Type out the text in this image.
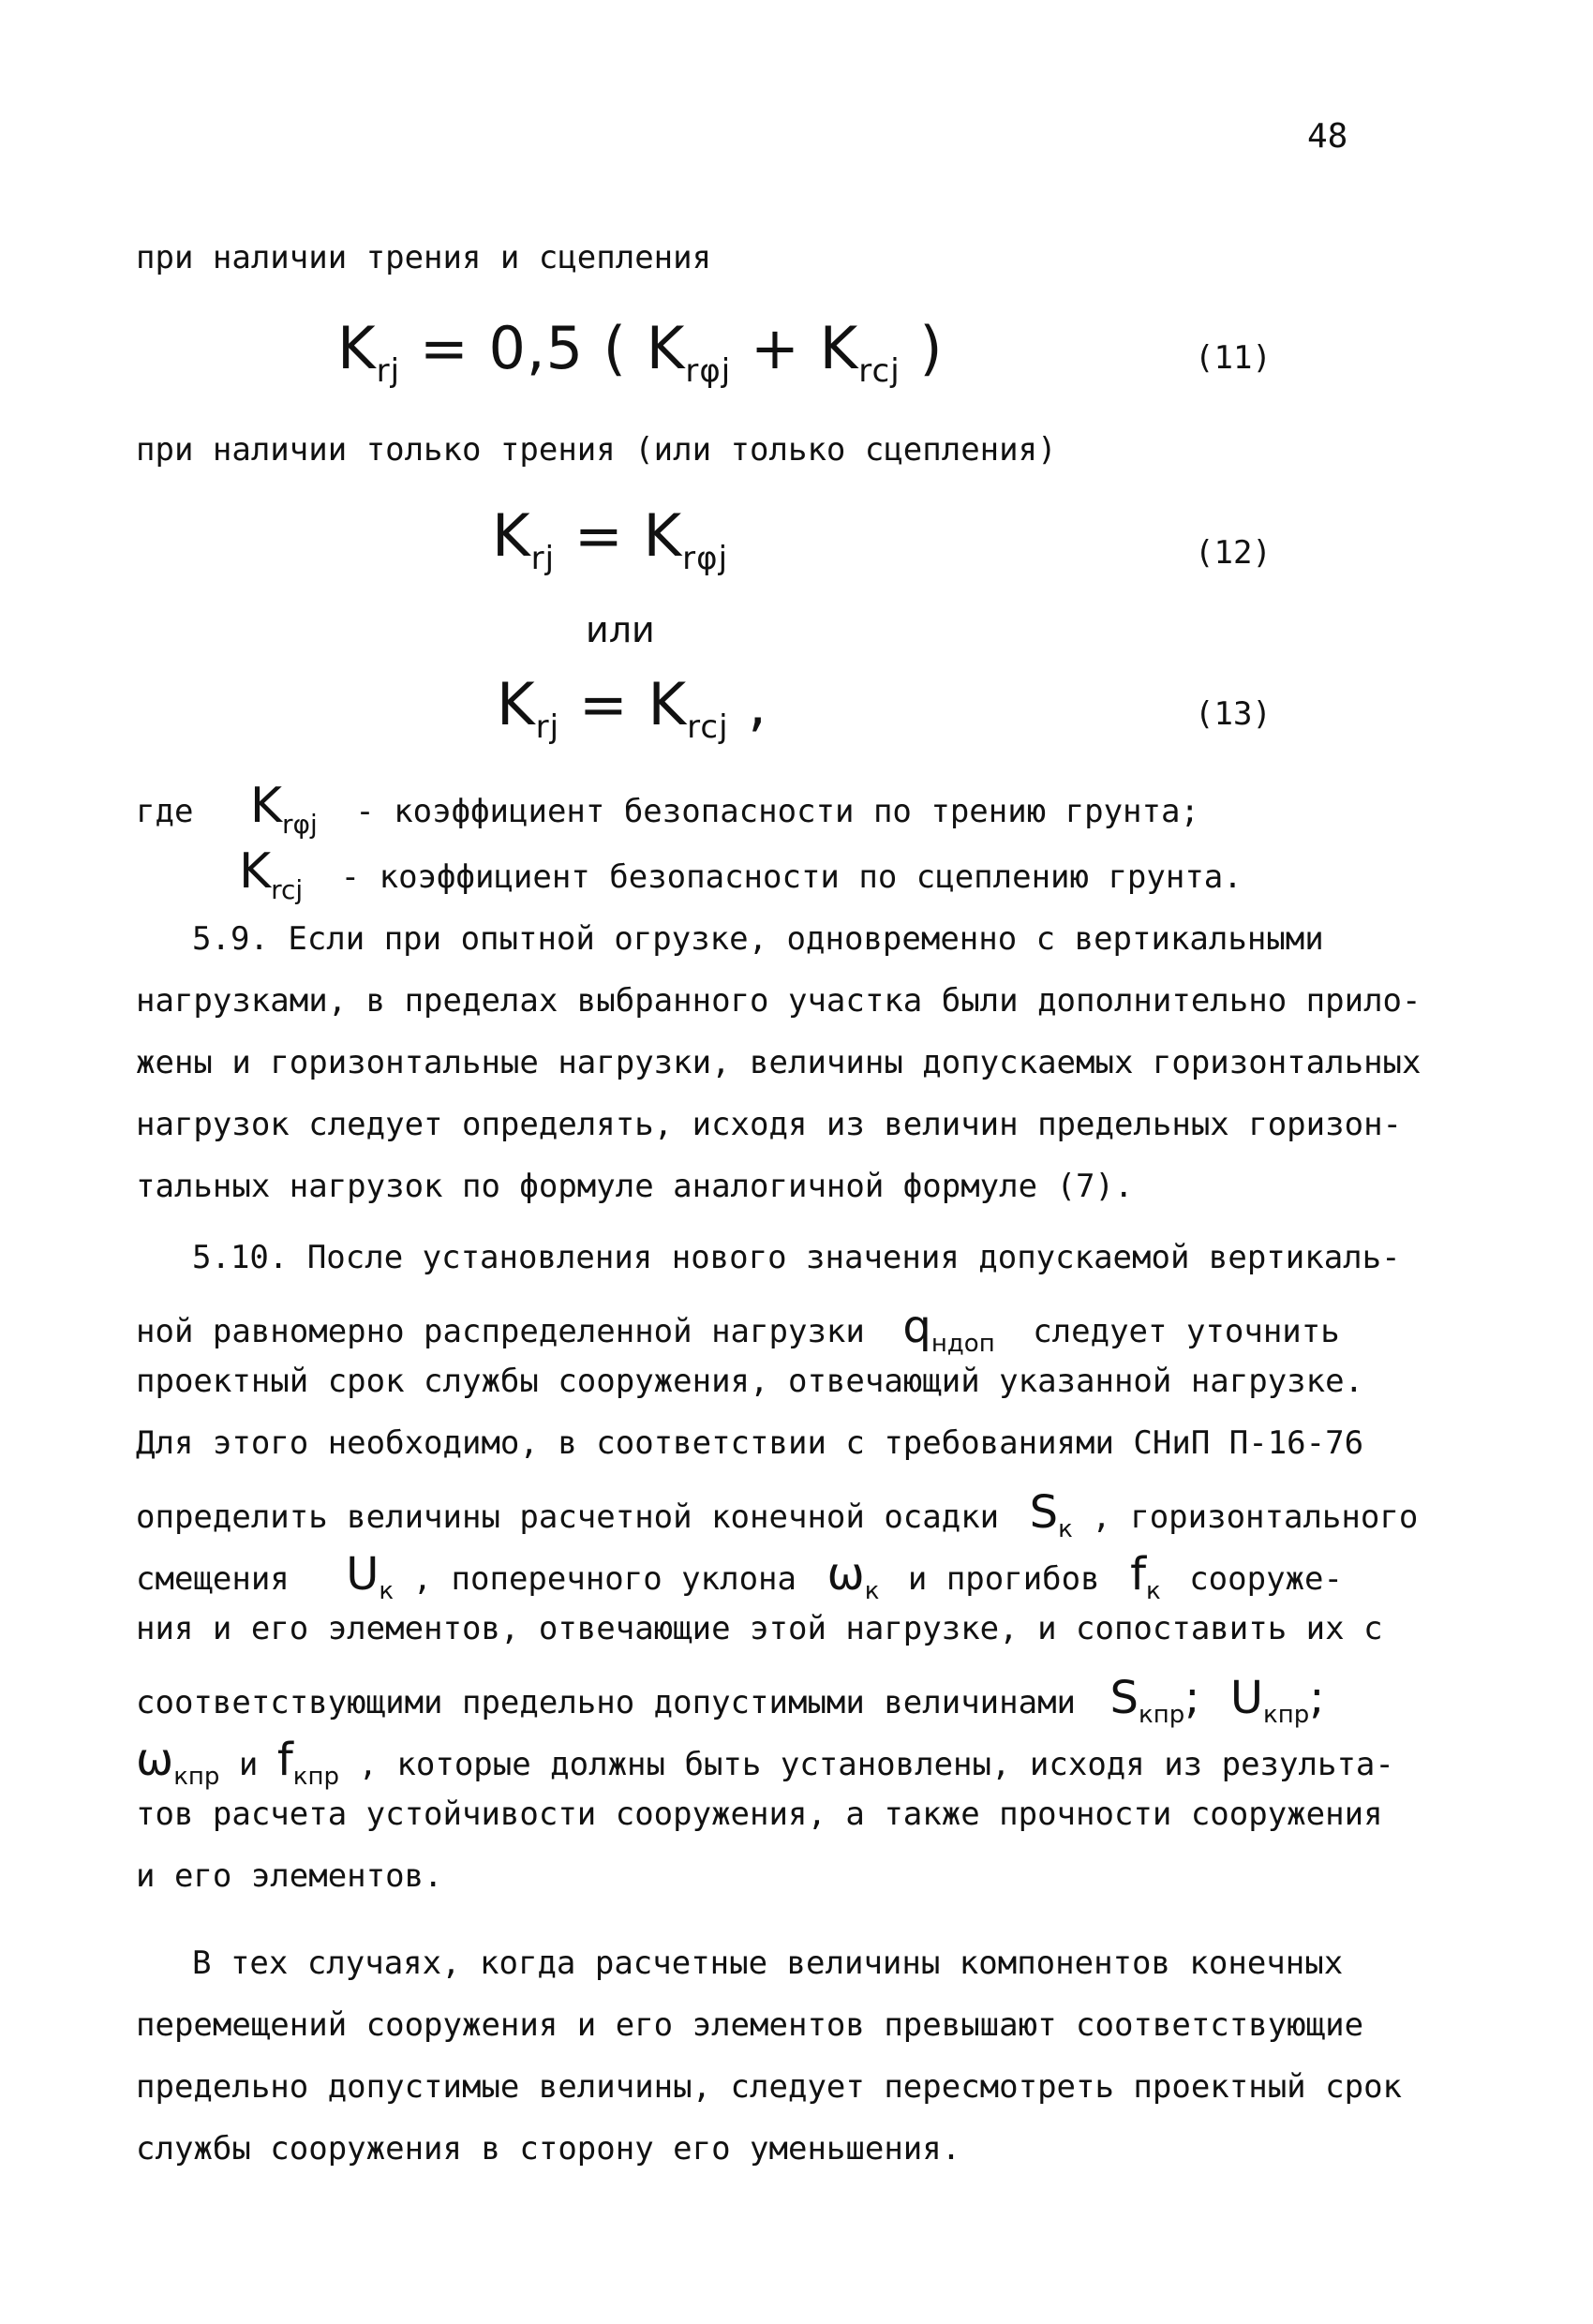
48
при наличии трения и сцепления
$K_{rj} = 0,5$ ( $K_{r\varphi j} + K_{rcj}$ )	(11)
при наличии только трения (или только сцепления)
$K_{rj} = K_{r\varphi j}$	(12)
или
$K_{rj} = K_{rcj}$ ,	(13)
где $K_{r\varphi j}$ - коэффициент безопасности по трению грунта;
$K_{rcj}$ - коэффициент безопасности по сцеплению грунта.
5.9. Если при опытной огрузке, одновременно с вертикальными
нагрузками, в пределах выбранного участка были дополнительно прило-
жены и горизонтальные нагрузки, величины допускаемых горизонтальных
нагрузок следует определять, исходя из величин предельных горизон-
тальных нагрузок по формуле аналогичной формуле (7).
5.10. После установления нового значения допускаемой вертикаль-
ной равномерно распределенной нагрузки $q_{ндоп}$ следует уточнить
проектный срок службы сооружения, отвечающий указанной нагрузке.
Для этого необходимо, в соответствии с требованиями СНиП П-16-76
определить величины расчетной конечной осадки $S_к$ , горизонтального
смещения $U_к$ , поперечного уклона $\omega_к$ и прогибов $f_к$ сооруже-
ния и его элементов, отвечающие этой нагрузке, и сопоставить их с
соответствующими предельно допустимыми величинами $S_{кпр}$; $U_{кпр}$;
$\omega_{кпр}$ и $f_{кпр}$ , которые должны быть установлены, исходя из результа-
тов расчета устойчивости сооружения, а также прочности сооружения
и его элементов.
В тех случаях, когда расчетные величины компонентов конечных
перемещений сооружения и его элементов превышают соответствующие
предельно допустимые величины, следует пересмотреть проектный срок
службы сооружения в сторону его уменьшения.
